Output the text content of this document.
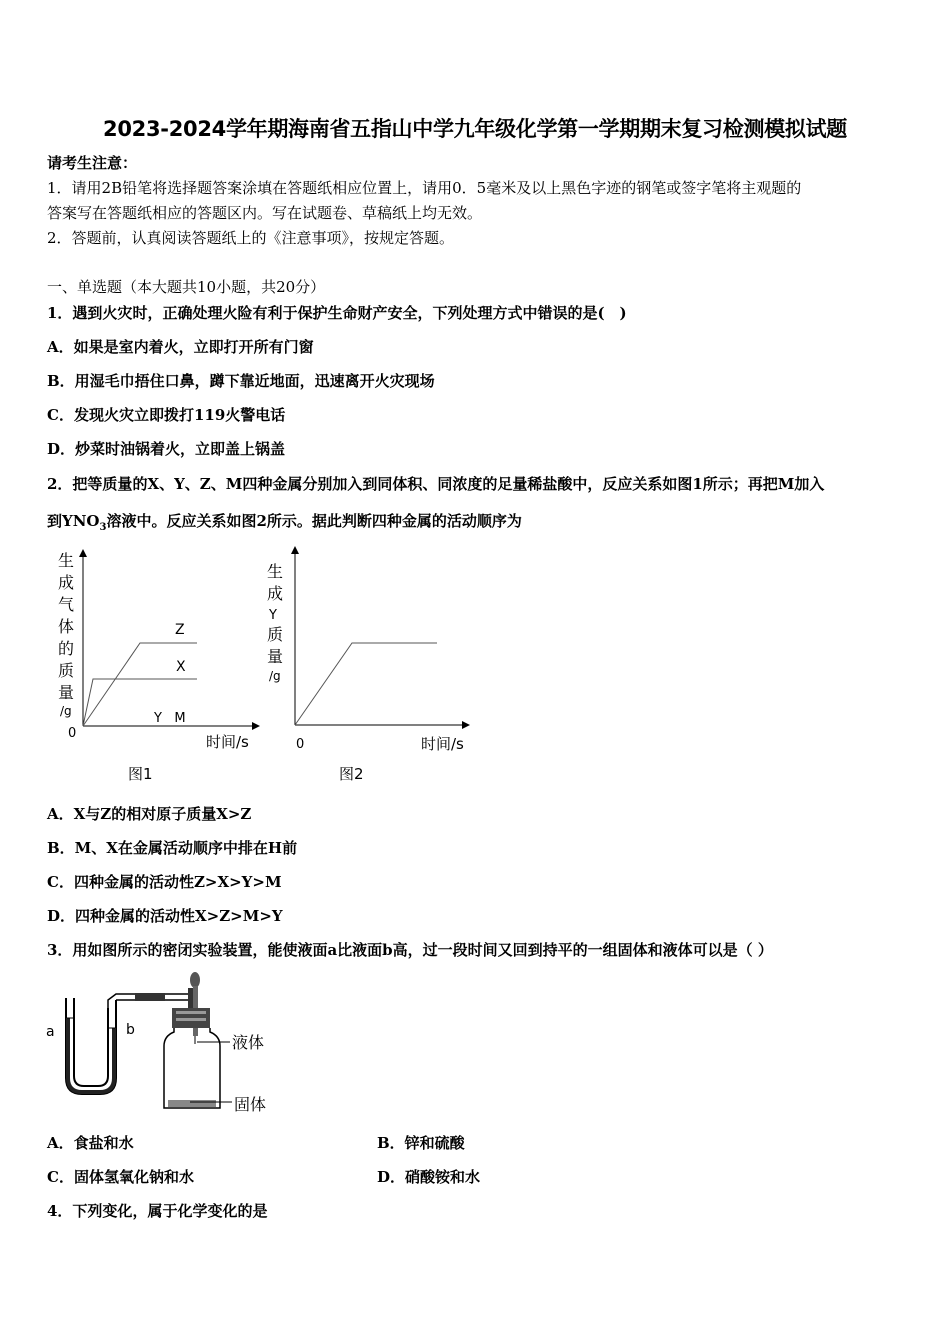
2023-2024学年期海南省五指山中学九年级化学第一学期期末复习检测模拟试题
请考生注意：
1．请用2B铅笔将选择题答案涂填在答题纸相应位置上，请用0．5毫米及以上黑色字迹的钢笔或签字笔将主观题的
答案写在答题纸相应的答题区内。写在试题卷、草稿纸上均无效。
2．答题前，认真阅读答题纸上的《注意事项》，按规定答题。
一、单选题（本大题共10小题，共20分）
1．遇到火灾时，正确处理火险有利于保护生命财产安全，下列处理方式中错误的是(　)
A．如果是室内着火，立即打开所有门窗
B．用湿毛巾捂住口鼻，蹲下靠近地面，迅速离开火灾现场
C．发现火灾立即拨打119火警电话
D．炒菜时油锅着火，立即盖上锅盖
2．把等质量的X、Y、Z、M四种金属分别加入到同体积、同浓度的足量稀盐酸中，反应关系如图1所示；再把M加入
到$YNO_3$溶液中。反应关系如图2所示。据此判断四种金属的活动顺序为
生
成
气
体
的
质
量
/g
0
Z
X
Y   M
时间/s
图1
生
成
Y
质
量
/g
0	时间/s
图2
A．X与Z的相对原子质量X>Z
B．M、X在金属活动顺序中排在H前
C．四种金属的活动性Z>X>Y>M
D．四种金属的活动性X>Z>M>Y
3．用如图所示的密闭实验装置，能使液面a比液面b高，过一段时间又回到持平的一组固体和液体可以是（ ）
a	b
液体
固体
A．食盐和水	B．锌和硫酸
C．固体氢氧化钠和水	D．硝酸铵和水
4．下列变化，属于化学变化的是
